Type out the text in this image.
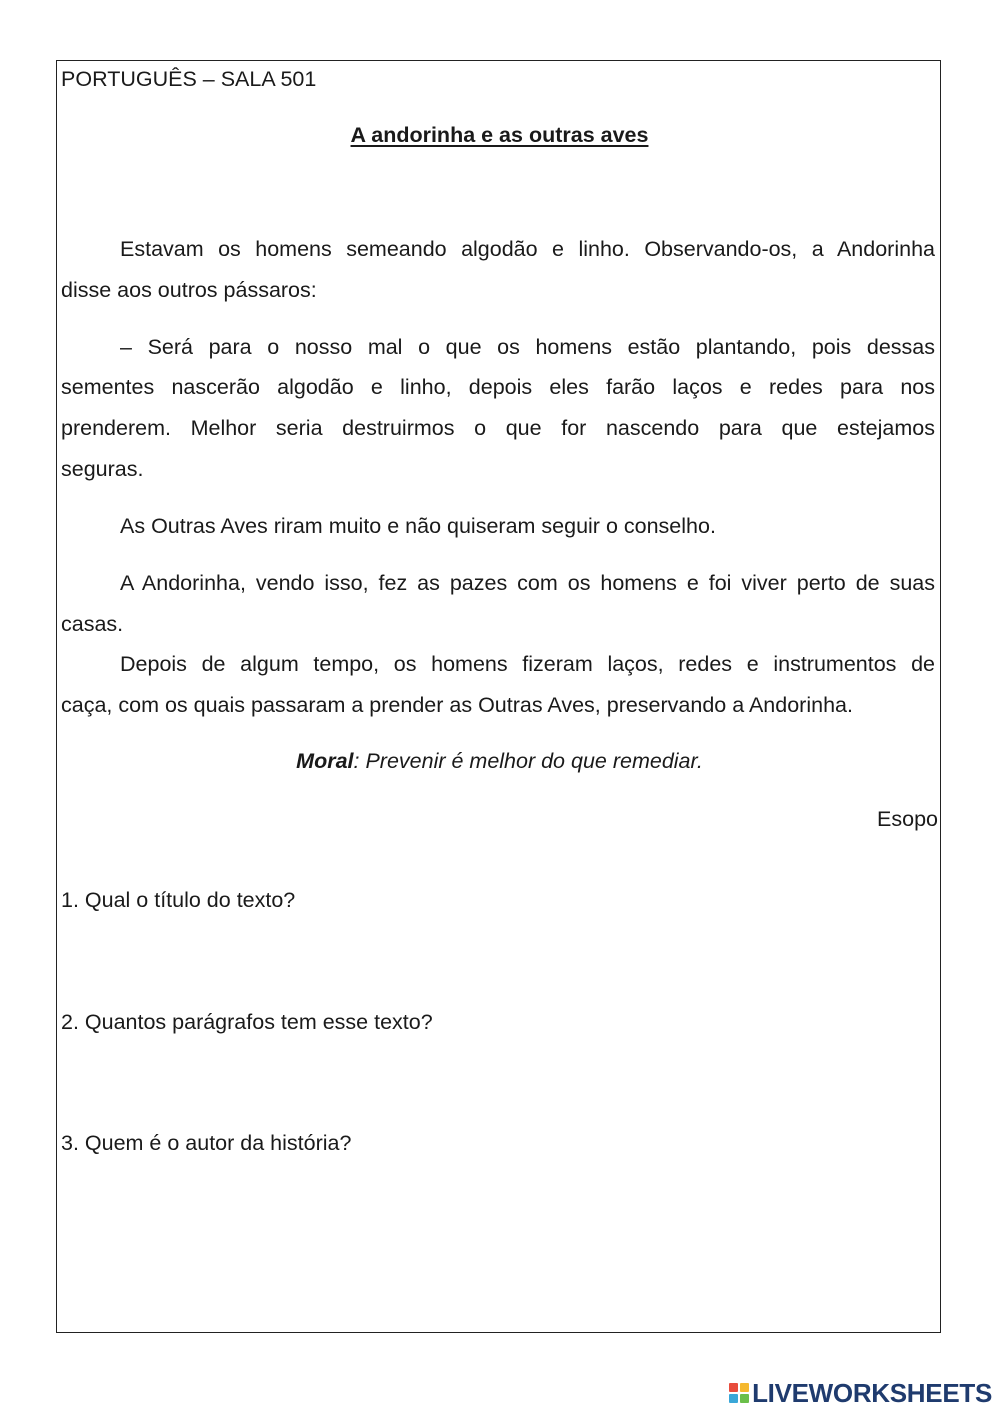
PORTUGUÊS – SALA 501
A andorinha e as outras aves
Estavam os homens semeando algodão e linho. Observando-os, a Andorinha
disse aos outros pássaros:
– Será para o nosso mal o que os homens estão plantando, pois dessas
sementes nascerão algodão e linho, depois eles farão laços e redes para nos
prenderem. Melhor seria destruirmos o que for nascendo para que estejamos
seguras.
As Outras Aves riram muito e não quiseram seguir o conselho.
A Andorinha, vendo isso, fez as pazes com os homens e foi viver perto de suas
casas.
Depois de algum tempo, os homens fizeram laços, redes e instrumentos de
caça, com os quais passaram a prender as Outras Aves, preservando a Andorinha.
Moral: Prevenir é melhor do que remediar.
Esopo
1. Qual o título do texto?
2. Quantos parágrafos tem esse texto?
3. Quem é o autor da história?
LIVEWORKSHEETS
